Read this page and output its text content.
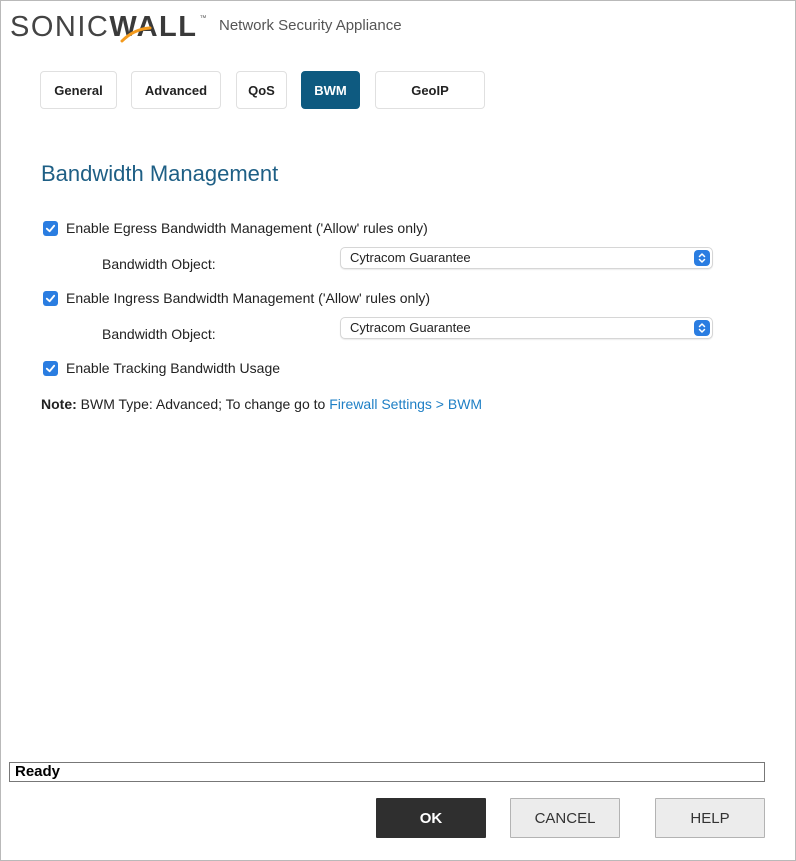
SONICWALL ™ Network Security Appliance
General	Advanced	QoS	BWM	GeoIP
Bandwidth Management
Enable Egress Bandwidth Management ('Allow' rules only)
Bandwidth Object:	Cytracom Guarantee
Enable Ingress Bandwidth Management ('Allow' rules only)
Bandwidth Object:	Cytracom Guarantee
Enable Tracking Bandwidth Usage
Note: BWM Type: Advanced; To change go to Firewall Settings > BWM
Ready
OK	CANCEL	HELP
